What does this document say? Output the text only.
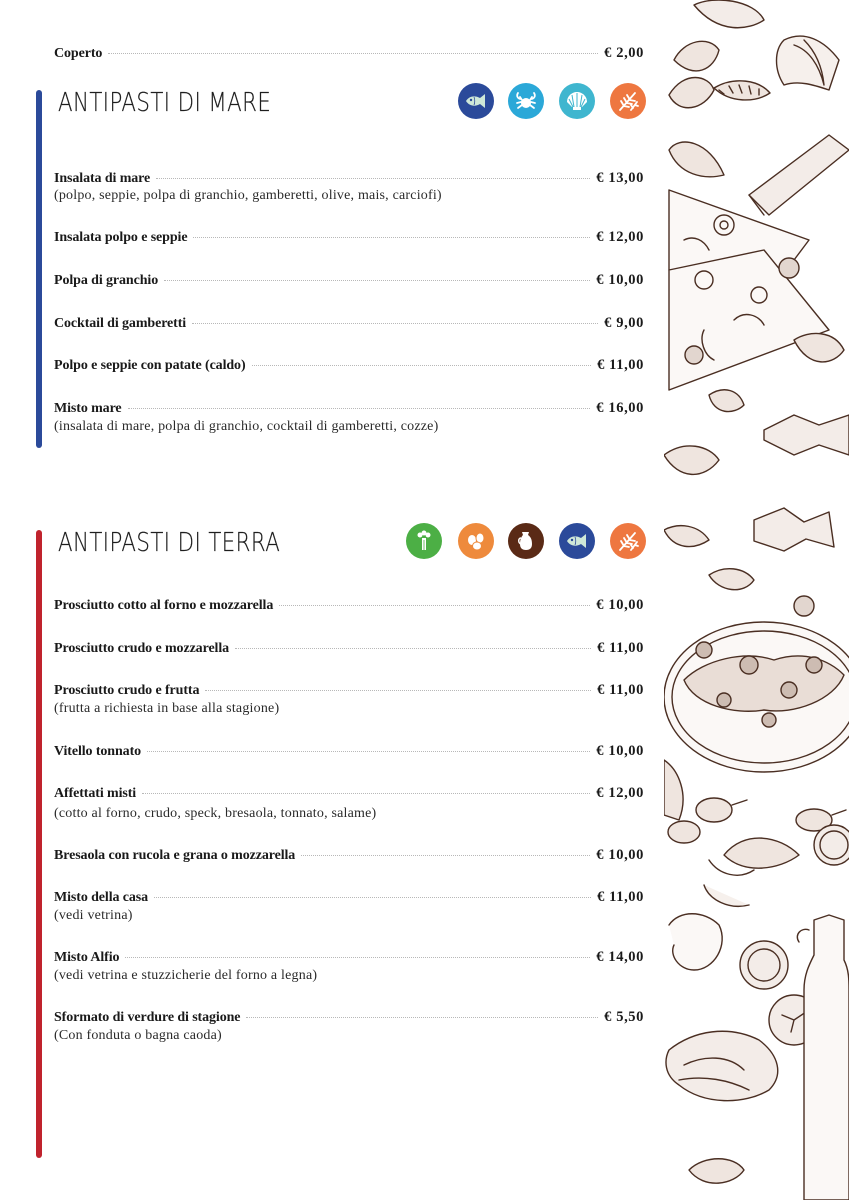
Coperto	€ 2,00
ANTIPASTI DI MARE
Insalata di mare	€ 13,00
(polpo, seppie, polpa di granchio, gamberetti, olive, mais, carciofi)
Insalata polpo e seppie	€ 12,00
Polpa di granchio	€ 10,00
Cocktail di gamberetti	€ 9,00
Polpo e seppie con patate (caldo)	€ 11,00
Misto mare	€ 16,00
(insalata di mare, polpa di granchio, cocktail di gamberetti, cozze)
ANTIPASTI DI TERRA
Prosciutto cotto al forno e mozzarella	€ 10,00
Prosciutto crudo e mozzarella	€ 11,00
Prosciutto crudo e frutta	€ 11,00
(frutta a richiesta in base alla stagione)
Vitello tonnato	€ 10,00
Affettati misti	€ 12,00
(cotto al forno, crudo, speck, bresaola, tonnato, salame)
Bresaola con rucola e grana o mozzarella	€ 10,00
Misto della casa	€ 11,00
(vedi vetrina)
Misto Alfio	€ 14,00
(vedi vetrina e stuzzicherie del forno a legna)
Sformato di verdure di stagione	€ 5,50
(Con fonduta o bagna caoda)
